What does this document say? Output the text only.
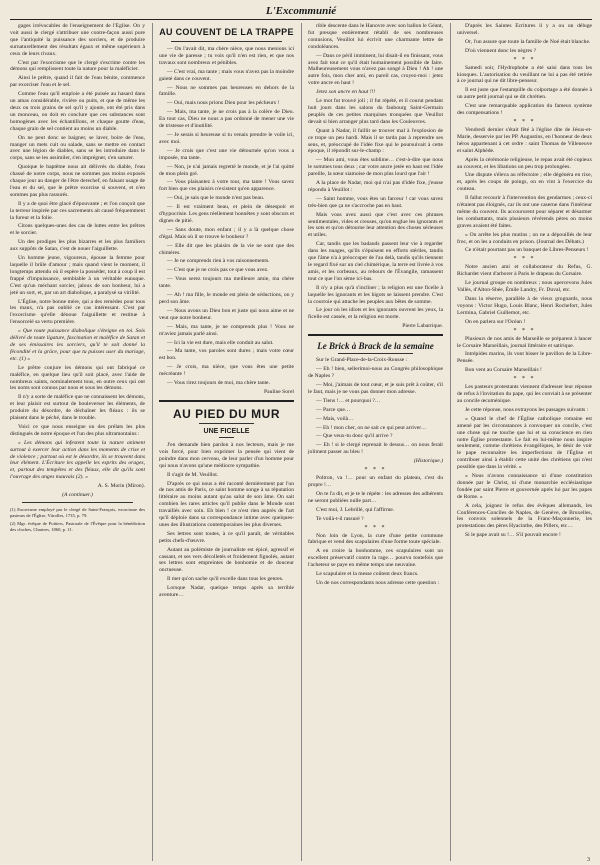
L'Excommunié

gages irrévocables de l'enseignement de l'Église. On y voit aussi le clergé s'attribuer une contre-façon aussi pure que l'antiquité la puissance des sorciers, et de produire surnaturellement des résultats égaux et même supérieurs à ceux de leurs rivaux.

C'est par l'exorcisme que le clergé s'escrime contre les démons qui remplissent toute la nature pour la maléficier.

Ainsi le prêtre, quand il fait de l'eau bénite, commence par exorciser l'eau et le sel.

Comme l'eau qu'il emploie a été puisée au hasard dans un amas considérable, rivière ou puits, et que de même les deux ou trois grains de sel qu'il y ajoute, ont été pris dans un monceau, on doit en conclure que ces substances sont homogènes avec les échantillons, et chaque goutte d'eau, chaque grain de sel contient au moins un diable.

On ne peut donc se baigner, se laver, boire de l'eau, manger un mets cuit ou salade, sans se mettre en contact avec une légion de diables, sans se les introduire dans le corps, sans se les assimiler, s'en imprégner, s'en saturer.

Quoique le baptême nous ait délivrés du diable, l'eau chassé de notre corps, nous ne sommes pas moins exposés chaque jour au danger de l'être derechef, en faisant usage de l'eau et du sel, que le prêtre exorcise si souvent, et n'en sommes pas plus rassurés.

Il y a de quoi être glacé d'épouvante ; et l'on conçoit que la terreur inspirée par ces sacrements ait causé fréquemment la fureur et la folie.

Citons quelques-unes des cas de luttes entre les prêtres et le sorcier.

Un des prodiges les plus bizarres et les plus familiers aux suppôts de Satan, c'est de nouer l'aiguillette.

Un homme jeune, vigoureux, épouse la femme pour laquelle il brûle d'amour ; mais quand vient le moment, il longtemps attendu où il espère la posséder, tout à coup il est frappé d'impuissance, semblable à un véritable eunuque. C'est qu'un méchant sorcier, jaloux de son bonheur, lui a jeté un sort, et, par un art diabolique, a paralysé sa virilité.

L'Église, notre bonne mère, qui a des remèdes pour tous les maux, n'a pas oublié ce cas intéressant. C'est par l'exorcisme qu'elle dénoue l'aiguillette et restitue à l'ensorcelé sa vertu première.

« Que toute puissance diabolique s'éteigne en toi. Sois délivré de toute ligature, fascination et maléfice de Satan et de ses émissaires les sorciers, qu'il te soit donné la fécondité et la grâce, pour que tu puisses user du mariage, etc. (1) »

Le prêtre conjure les démons qui ont fabriqué ce maléfice, en quelque lieu qu'il soit placé, avec l'aide de nombreux saints, nominalement tous, en outre ceux qui ont les noms sont connus par nous et sous les démons.

Il n'y a sorte de maléfice que ne connaissent les démons, et leur plaisir est surtout de bouleverser les éléments, de produire du désordre, de déchaîner les fléaux : ils se plaisent dans le péché, dans le trouble.

Voici ce que nous enseigne un des prélats les plus distingués de notre époque et l'un des plus ultramontains :

« Les démons qui infestent toute la nature animent surtout à exercer leur action dans les moments de crise et de violence ; partout où est le désordre, ils se trouvent dans leur élément. L'Écriture les appelle les esprits des orages, et, partout des tempêtes et des fléaux, elle dit qu'ils sont l'ouvrage des anges mauvais (2). »

A. S. Morin (Miron).
(A continuer.)

(1) Exorcisme employé par le clergé de Saint-François, exorcisme des pasteurs de l'Église, Vitrolles, 1735, p. 79.

(2) Mgr. évêque de Poitiers, Pastorale de l'Évêque pour la bénédiction des cloches, Chartres, 1860, p. 11.

AU COUVENT DE LA TRAPPE

— On l'avait dit, ma chère nièce, que nous menions ici une vie de paresse ; tu vois qu'il n'en est rien, et que nos travaux sont nombreux et pénibles.

— C'est vrai, ma tante ; mais vous n'avez pas la moindre gaieté dans ce couvent.

— Nous ne sommes pas heureuses en dehors de la famille.

— Oui, mais nous prions Dieu pour les pécheurs !

— Mais, ma tante, je ne crois pas à la colère de Dieu. En tout cas, Dieu ne nous a pas ordonné de mener une vie de tristesse et d'inutilité.

— Je serais si heureuse si tu venais prendre le voile ici, avec moi.

— Je crois que c'est une vie détournée qu'on vous a imposée, ma tante.

— Non, je n'ai jamais regretté le monde, et je l'ai quitté de mon plein gré.

— Vous plaisantez à votre tour, ma tante ! Vous savez fort bien que ces plaisirs n'existent qu'en apparence.

— Oui, je sais que le monde n'est pas beau.

— Il est vraiment beau, et plein de désespoir et d'hypocrisie. Les gens réellement honnêtes y sont obscurs et dignes de pitié.

— Sans doute, mon enfant ; il y a là quelque chose d'égal. Mais où il se trouve le bonheur ?

— Elle dit que les plaisirs de la vie ne sont que des chimères.

— Je ne comprends rien à vos raisonnements.

— C'est que je ne crois pas ce que vous avez.

— Vous serez toujours ma meilleure amie, ma chère tante.

— Ah ! ma fille, le monde est plein de séductions, on y perd son âme.

— Nous avons un Dieu bon et juste qui nous aime et ne veut que notre bonheur.

— Mais, ma tante, je ne comprends plus ! Vous ne m'aviez jamais parlé ainsi.

— Ici la vie est dure, mais elle conduit au salut.

— Ma tante, vos paroles sont dures ; mais votre cœur est bon.

— Je crois, ma nièce, que vous êtes une petite mécréante !

— Vous rirez toujours de moi, ma chère tante.

Pauline Sorel
AU PIED DU MUR
UNE FICELLE

J'en demande bien pardon à nos lecteurs, mais je me vois forcé, pour bien exprimer la pensée qui vient de poindre dans mon cerveau, de leur parler d'un homme pour qui nous n'avons qu'une médiocre sympathie.

Il s'agit de M. Veuillot.

D'après ce qui nous a été raconté dernièrement par l'un de nos amis de Paris, ce saint homme songe à sa réputation littéraire au moins autant qu'au salut de son âme. On sait combien les rares articles qu'il publie dans le Monde sont travaillés avec soin. Eh bien ! ce n'est rien auprès de l'art qu'il déploie dans sa correspondance intime avec quelques-unes des illustrations contemporaines les plus diverses.

Ses lettres sont toutes, à ce qu'il paraît, de véritables petits chefs-d'œuvre.

Autant au polémiste de journaliste est épicé, agressif et cassant, et ses vers décolletés et froidement fignolés, autant ses lettres sont empreintes de bonhomie et de douceur onctueuse.

Il met qu'on sache qu'il excelle dans tous les genres.

Lorsque Nadar, quelque temps après sa terrible aventure…

rible descente dans le Hanovre avec son ballon le Géant, fut presque entièrement rétabli de ses nombreuses contusions, Veuillot lui écrivit une charmante lettre de condoléances.

— Dans ce péril imminent, lui disait-il en finissant, vous avez fait tout ce qu'il était humainement possible de faire. Malheureusement vous n'avez pas songé à Dieu ! Ah ! une autre fois, mon cher ami, en pareil cas, croyez-moi : jetez votre ancre en haut !

Jetez son ancre en haut !!!

Le mot fut trouvé joli ; il fut répété, et il courut pendant huit jours dans les salons du faubourg Saint-Germain peuplés de ces petites marquises tronquées que Veuillot devait si bien arranger plus tard dans les Couleuvres.

Quant à Nadar, il faillit se trouver mal à l'explosion de ce trope un peu hardi. Mais il se tarda pas à reprendre ses sens, et, préoccupé de l'idée fixe qui le poursuivait à cette époque, il répondit sur-le-champ :

— Mon ami, vous êtes sublime… c'est-à-dire que nous le sommes tous deux ; car votre ancre jetée en haut est l'idée pareille, la sœur siamoise de mon plus lourd que l'air !

A la place de Nadar, moi qui n'ai pas d'idée fixe, j'eusse répondu à Veuillot :

— Saint homme, vous êtes un farceur ! car vous savez très-bien que ça ne s'accroche pas en haut.

Mais vous avez aussi que c'est avec ces phrases sentimentales, vides et creuses, qu'on engluе les ignorants et les sots et qu'on détourne leur attention des choses sérieuses et utiles.

Car, tandis que les badauds passent leur vie à regarder dans les nuages, qu'ils s'épuisent en efforts stériles, tandis que l'âme n'a à préoccuper de l'au delà, tandis qu'ils tiennent le regard fixé sur un ciel chimérique, la terre est livrée à vos amis, et les corbeaux, au rebours de l'Évangile, ramassent tout ce que l'on sème ici-bas.

Il n'y a plus qu'à s'incliner ; la religion est une ficelle à laquelle les ignorants et les bigots se laissent prendre. C'est la courroie qui attache les peuples aux bêtes de somme.

Le jour où les idiots et les ignorants ouvrent les yeux, la ficelle est cassée, et la religion est morte.

Pierre Labarrique.
Le Brick à Brack de la semaine

Sur le Grand-Place-de-la-Croix-Rousse :

— Eh ! bien, sellerimoi-nous au Congrès philosophique de Naples ?

— Moi, j'aimais de tout cœur, et je suis prêt à coûter, s'il le faut, mais je ne vous pas donner mon adresse.

— Tiens !… et pourquoi ?…

— Parce que…

— Mais, voilà…

— Eh ! mon cher, on ne sait ce qui peut arriver…

— Que veux-tu donc qu'il arrive ?

— Eh ! si le clergé reprenait le dessus… on nous ferait joliment passer au bleu !

(Historique.)
* * *

Poltron, va !… pour un enfant du plateau, c'est du propre !…

On te l'a dit, et je te le répète : les adresses des adhérents ne seront publiées nulle part…

C'est moi, J. Lebrillé, qui l'affirme.

Te voilà-t-il rassuré ?

* * *

Non loin de Lyon, la cure d'une petite commune fabrique et vend des scapulaires d'une forme toute spéciale.

A en croire la bonhomme, ces scapulaires sont un excellent préservatif contre la rage… pourvu toutefois que l'acheteur se paye en même temps une neuvaine.

Le scapulaire et la messe coûtent deux francs.

Un de nos correspondants nous adresse cette question :

D'après les Saintes Écritures il y a ou un déluge universel.

Or, l'un assure que toute la famille de Noé était blanche.

D'où viennent donc les nègres ?

* * *

Samedi soir, l'Hydrophobe a été saisi dans tous les kiosques. L'autorisation du veuillant ne lui a pas été retirée à ce journal qui ne dit libre-penseur.

Il est juste que l'estampille du colportage a été donnée à un autre petit journal qui se dit chrétien.

C'est une remarquable application du fameux système des compensations !

* * *

Vendredi dernier s'était fêté à l'église dite de Jésus-et-Marie, desservie par les PP. Augustins, en l'honneur de deux héros appartenant à cet ordre : saint Thomas de Villeneuve et saint Alphède.

Après la cérémonie religieuse, le repas avait été copieux au couvent, et les libations un peu trop prolongées.

Une dispute s'éleva au réfectoire ; elle dégénéra en rixe, et, après les coups de poings, on en vint à l'exercice du couteau.

Il fallut recourir à l'intervention des gendarmes ; ceux-ci n'étaient pas éloignés, car ils ont une caserne dans l'intérieur même du couvent. Ils accoururent pour séparer et désarmer les combattants, mais plusieurs révérends pères on moins graves avaient été faites.

« On arrête les plus mutins ; on ne a dépouillés de leur froc, et on les a conduits en prison. (Journal des Débats.)

Ce n'était pourtant pas un banquet de Libres-Penseurs !

* * *

Notre ancien ami et collaborateur du Refus, G. Richardet vient d'arborer à Paris le drapeau du Corsaire.

Le journal groupe en nombreux ; nous apercevons Jules Vallès, d'Alton-Shée, Émile Landry, Fr. Duval, etc.

Dans la réserve, parallèle à de vieux grognards, nous voyons : Victor Hugo, Louis Blanc, Henri Rochefort, Jules Lermina, Gabriel Guillemot, etc.

On en parlera sur l'Océan !

* * *

Plusieurs de nos amis de Marseille se préparent à lancer le Corsaire Marseillais, journal littéraire et satirique.

Intrépides marins, ils vont hisser le pavillon de la Libre-Pensée.

Bon vent au Corsaire Marseillais !

* * *

Les pasteurs protestants viennent d'adresser leur réponse de refus à l'invitation du pape, qui les conviait à se présenter au concile œcuménique.

Je cette réponse, nous extrayons les passages suivants :

« Quand le chef de l'Église catholique romaine est amené par les circonstances à convoquer un concile, c'est une chose qui ne touche que lui et sa conscience en rien notre Église protestante. Le fait en lui-même nous inspire seulement, comme chrétiens évangéliques, le désir de voir le pape reconnaître les imperfections de l'Église et contribuer ainsi à établir cette unité des chrétiens qui n'est possible que dans la vérité. »

« Nous n'avons connaissance ni d'une constitution donnée par le Christ, ni d'une monarchie ecclésiastique fondée par saint Pierre et gouvernée après lui par les papes de Rome. »

A cela, joignez le refus des évêques allemands, les Conférences-Conciles de Naples, de Genève, de Bruxelles, les convois solennels de la Franc-Maçonnerie, les protestations des pères Hyacinthe, des Pillers, etc…

Si le pape avait su !… S'il pouvait encore !

3
